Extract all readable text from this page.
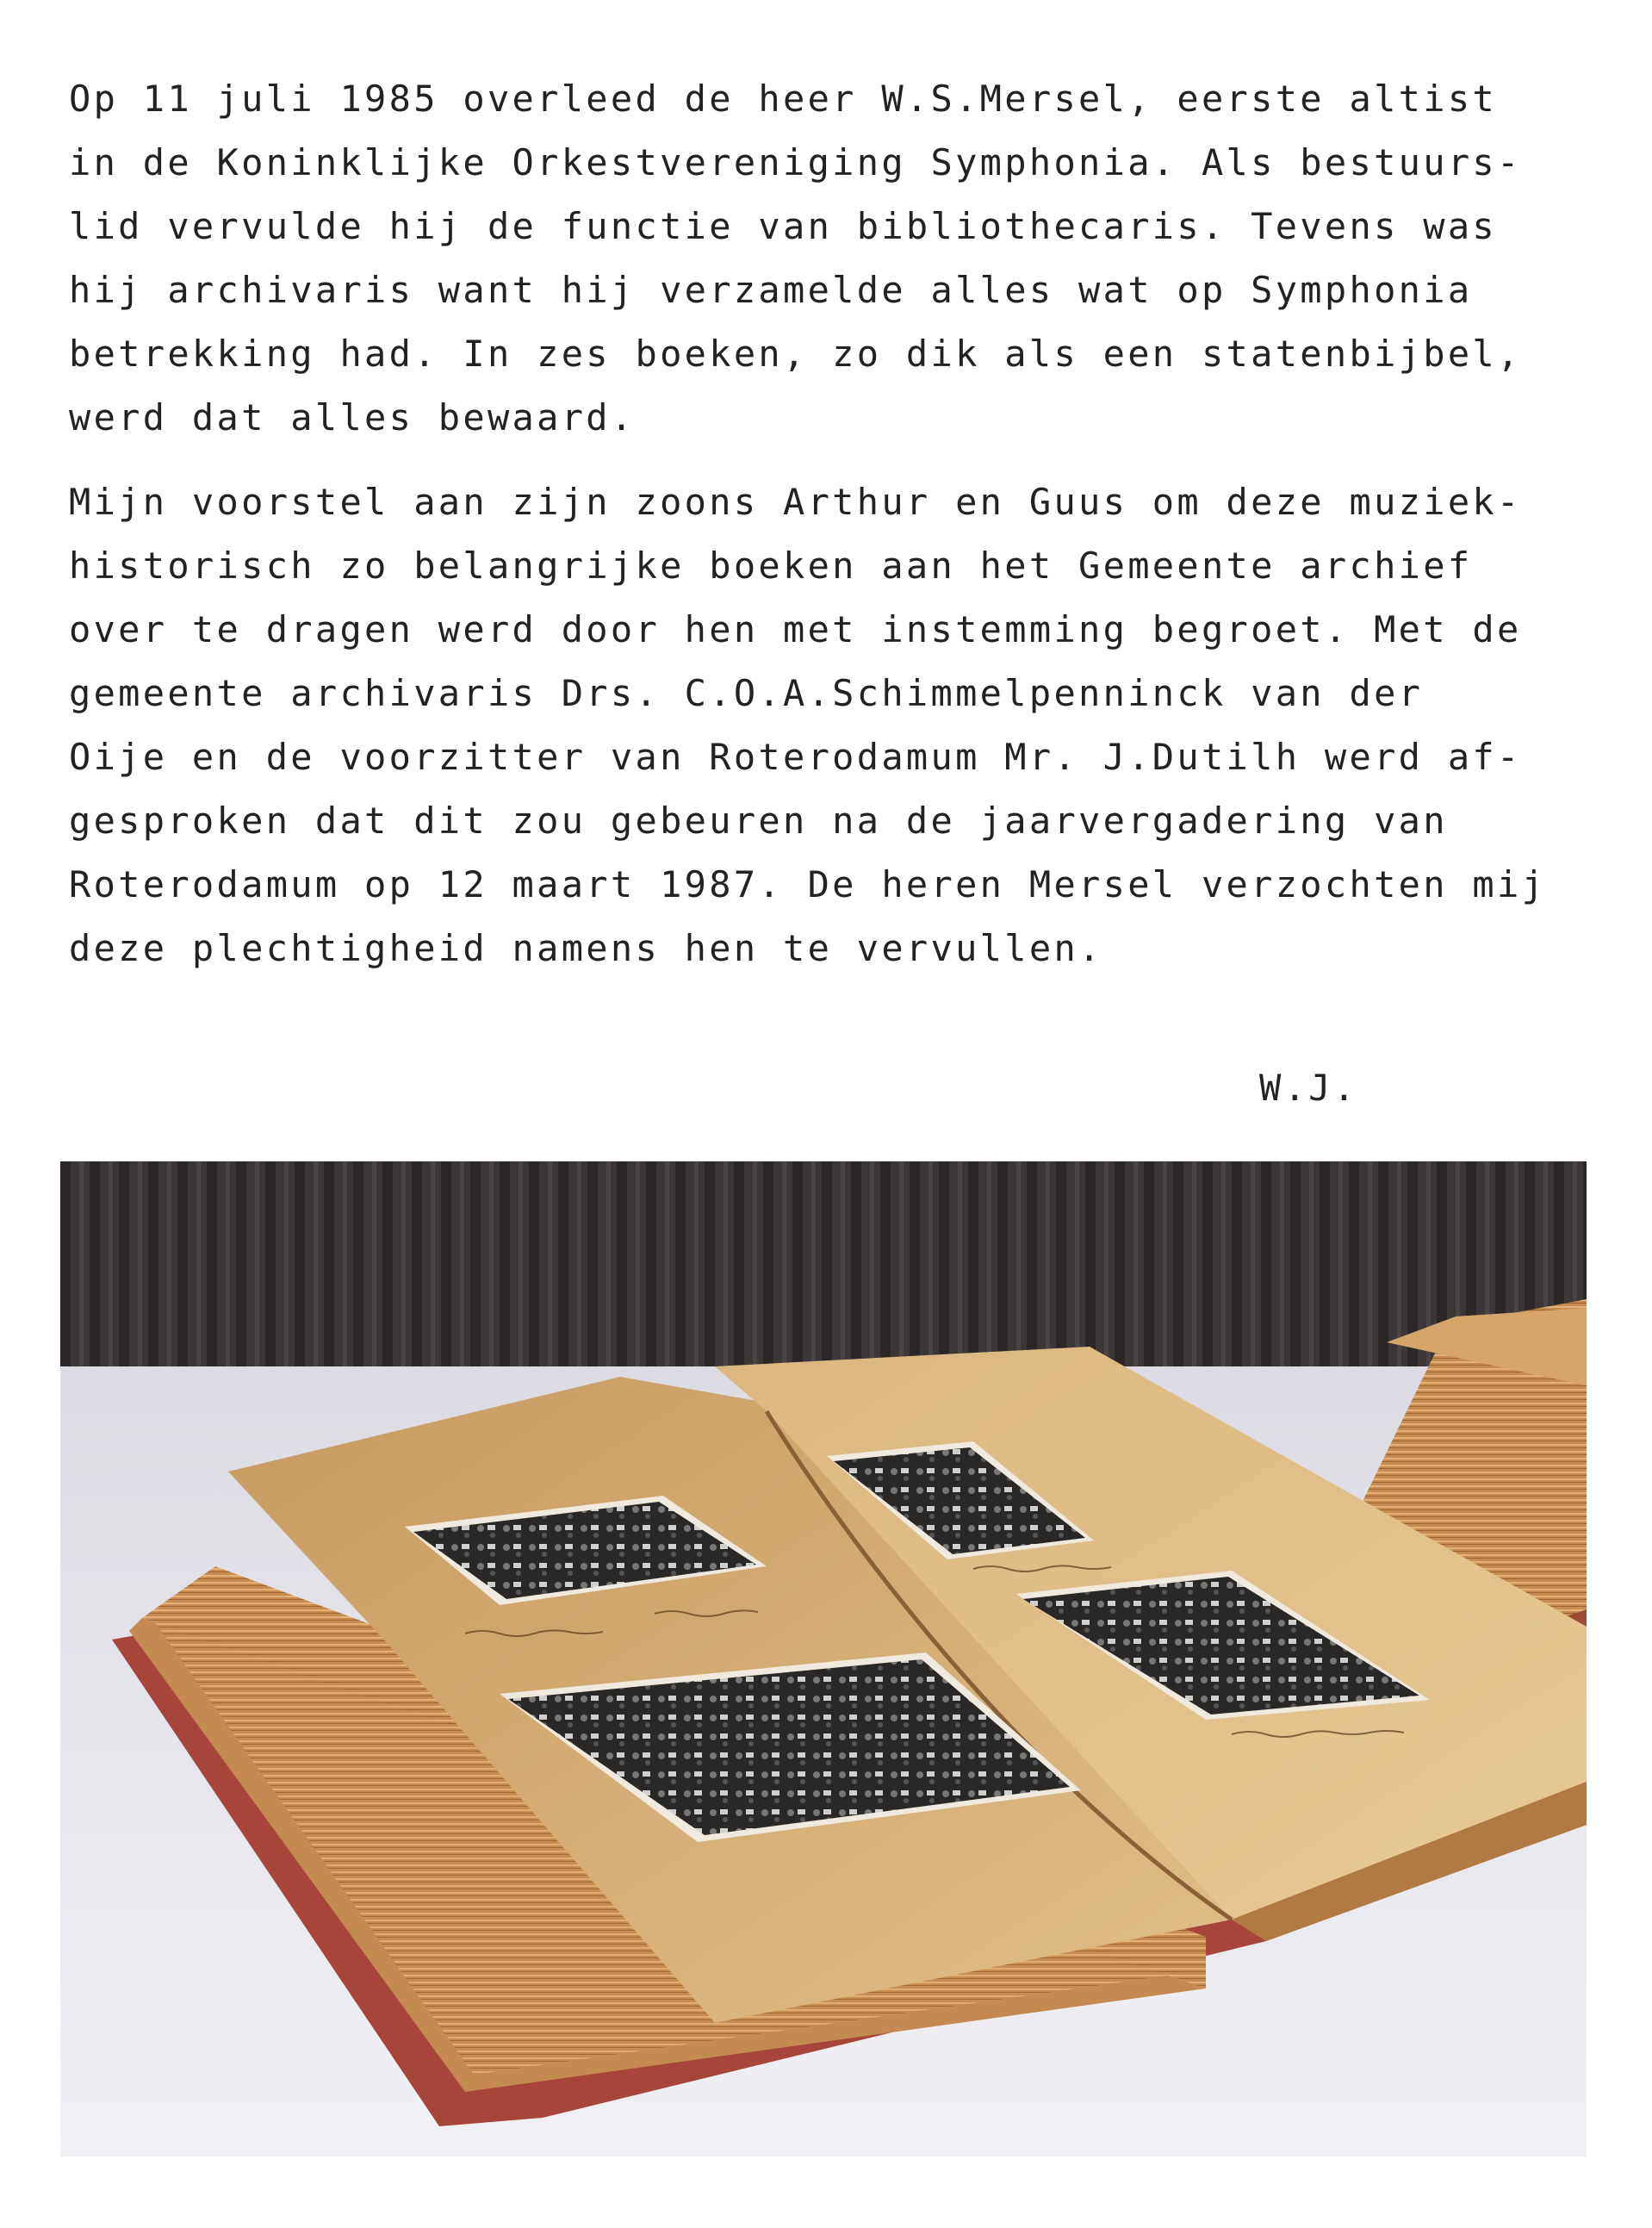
Op 11 juli 1985 overleed de heer W.S.Mersel, eerste altist
in de Koninklijke Orkestvereniging Symphonia. Als bestuurs-
lid vervulde hij de functie van bibliothecaris. Tevens was
hij archivaris want hij verzamelde alles wat op Symphonia
betrekking had. In zes boeken, zo dik als een statenbijbel,
werd dat alles bewaard.
Mijn voorstel aan zijn zoons Arthur en Guus om deze muziek-
historisch zo belangrijke boeken aan het Gemeente archief
over te dragen werd door hen met instemming begroet. Met de
gemeente archivaris Drs. C.O.A.Schimmelpenninck van der
Oije en de voorzitter van Roterodamum Mr. J.Dutilh werd af-
gesproken dat dit zou gebeuren na de jaarvergadering van
Roterodamum op 12 maart 1987. De heren Mersel verzochten mij
deze plechtigheid namens hen te vervullen.
W.J.
